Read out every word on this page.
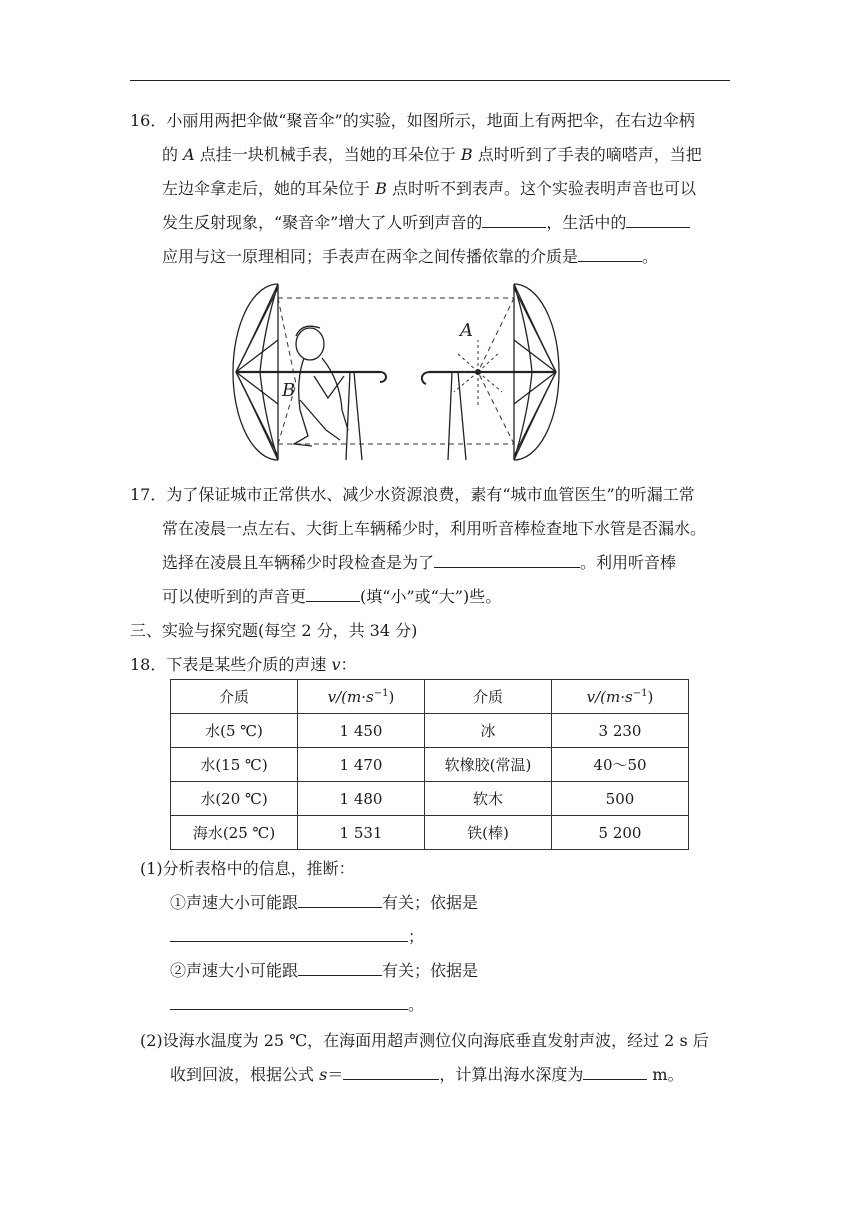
16．小丽用两把伞做“聚音伞”的实验，如图所示，地面上有两把伞，在右边伞柄
的 A 点挂一块机械手表，当她的耳朵位于 B 点时听到了手表的嘀嗒声，当把
左边伞拿走后，她的耳朵位于 B 点时听不到表声。这个实验表明声音也可以
发生反射现象，“聚音伞”增大了人听到声音的	，生活中的
应用与这一原理相同；手表声在两伞之间传播依靠的介质是	。
B
A
17．为了保证城市正常供水、减少水资源浪费，素有“城市血管医生”的听漏工常
常在凌晨一点左右、大街上车辆稀少时，利用听音棒检查地下水管是否漏水。
选择在凌晨且车辆稀少时段检查是为了	。利用听音棒
可以使听到的声音更	(填“小”或“大”)些。
三、实验与探究题(每空 2 分，共 34 分)
18．下表是某些介质的声速 v：
介质	$v/(m\cdot s^{-1})$	介质	$v/(m\cdot s^{-1})$
水(5 ℃)	1 450	冰	3 230
水(15 ℃)	1 470	软橡胶(常温)	40～50
水(20 ℃)	1 480	软木	500
海水(25 ℃)	1 531	铁(棒)	5 200
(1)分析表格中的信息，推断：
①声速大小可能跟	有关；依据是
；
②声速大小可能跟	有关；依据是
。
(2)设海水温度为 25 ℃，在海面用超声测位仪向海底垂直发射声波，经过 2 s 后
收到回波，根据公式 s＝	，计算出海水深度为	m。
